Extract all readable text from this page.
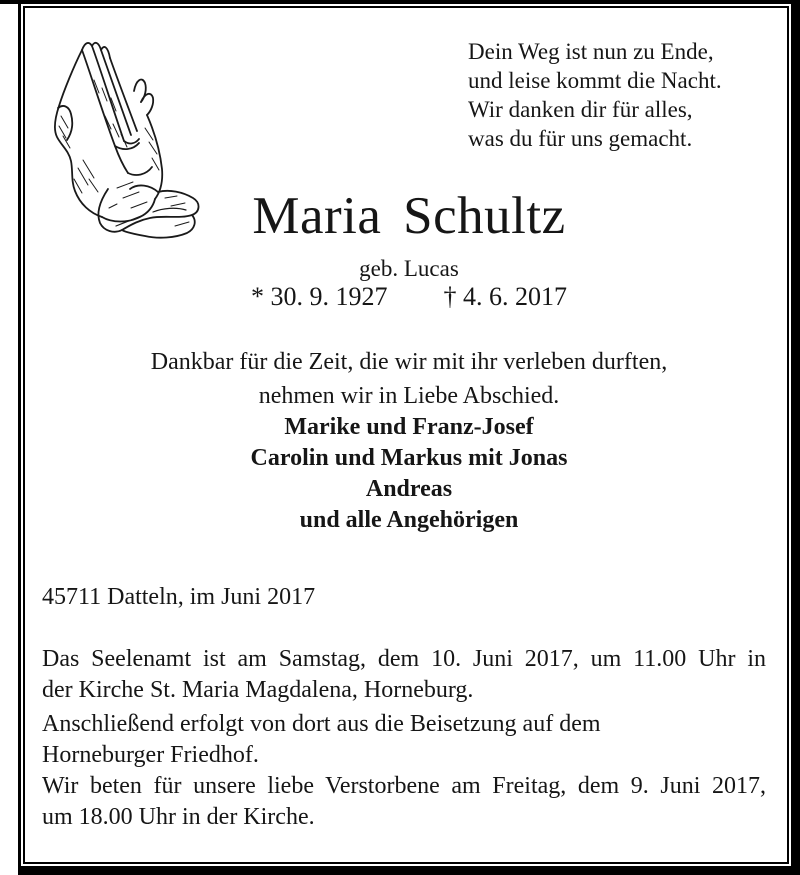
Dein Weg ist nun zu Ende,
und leise kommt die Nacht.
Wir danken dir für alles,
was du für uns gemacht.
Maria Schultz
geb. Lucas
* 30. 9. 1927 † 4. 6. 2017
Dankbar für die Zeit, die wir mit ihr verleben durften,
nehmen wir in Liebe Abschied.
Marike und Franz-Josef
Carolin und Markus mit Jonas
Andreas
und alle Angehörigen
45711 Datteln, im Juni 2017
Das Seelenamt ist am Samstag, dem 10. Juni 2017, um 11.00 Uhr in
der Kirche St. Maria Magdalena, Horneburg.
Anschließend erfolgt von dort aus die Beisetzung auf dem
Horneburger Friedhof.
Wir beten für unsere liebe Verstorbene am Freitag, dem 9. Juni 2017,
um 18.00 Uhr in der Kirche.
